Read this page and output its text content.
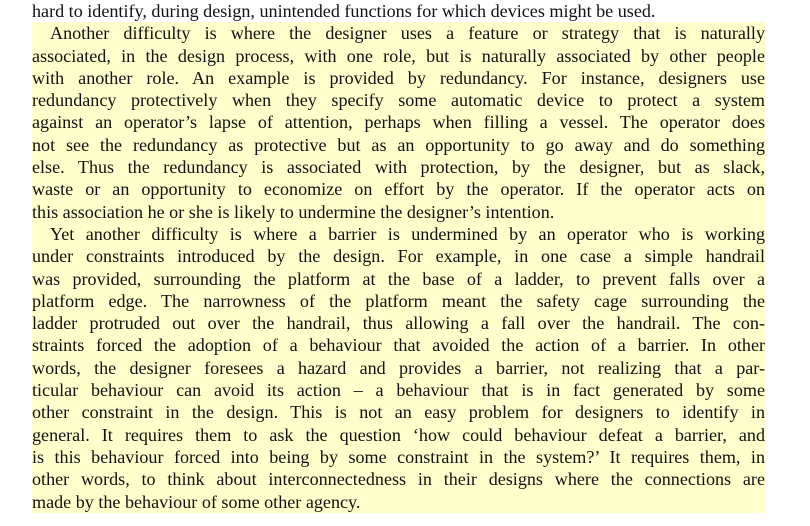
hard to identify, during design, unintended functions for which devices might be used.
Another difficulty is where the designer uses a feature or strategy that is naturally
associated, in the design process, with one role, but is naturally associated by other people
with another role. An example is provided by redundancy. For instance, designers use
redundancy protectively when they specify some automatic device to protect a system
against an operator’s lapse of attention, perhaps when filling a vessel. The operator does
not see the redundancy as protective but as an opportunity to go away and do something
else. Thus the redundancy is associated with protection, by the designer, but as slack,
waste or an opportunity to economize on effort by the operator. If the operator acts on
this association he or she is likely to undermine the designer’s intention.
Yet another difficulty is where a barrier is undermined by an operator who is working
under constraints introduced by the design. For example, in one case a simple handrail
was provided, surrounding the platform at the base of a ladder, to prevent falls over a
platform edge. The narrowness of the platform meant the safety cage surrounding the
ladder protruded out over the handrail, thus allowing a fall over the handrail. The con-
straints forced the adoption of a behaviour that avoided the action of a barrier. In other
words, the designer foresees a hazard and provides a barrier, not realizing that a par-
ticular behaviour can avoid its action – a behaviour that is in fact generated by some
other constraint in the design. This is not an easy problem for designers to identify in
general. It requires them to ask the question ‘how could behaviour defeat a barrier, and
is this behaviour forced into being by some constraint in the system?’ It requires them, in
other words, to think about interconnectedness in their designs where the connections are
made by the behaviour of some other agency.
